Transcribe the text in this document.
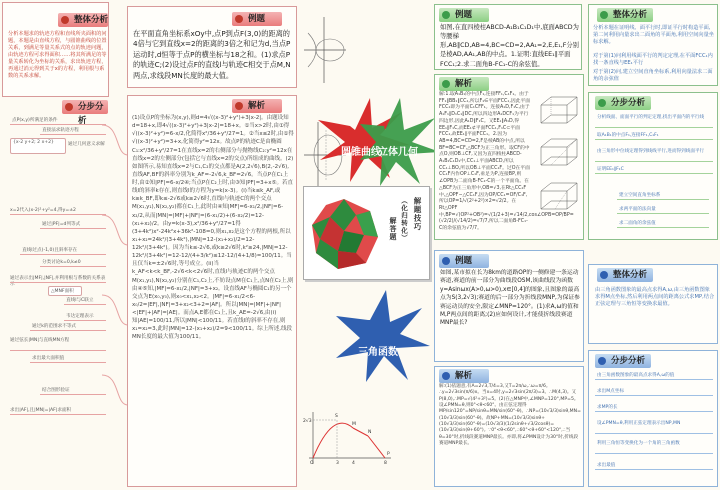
整体分析
分析本题求的轨迹方程和直线所夹面积的问题，本题是由直线方程，与圆锥曲线的位置关系，到满足等量关系式的点的轨迹问题，由轨迹方程可求得面积……将其所满足的等量关系转化为坐标的关系，求出轨迹方程，再通过消元得到关于x的方程，利用根与系数的关系求解。
分步分析
点P(x,y)所满足的条件
直接法求轨迹方程
{x-2 y+2; 2 x+2}	通过几何意义求解
x=2代入(x-2)²+y²=4,得y=±2
通过|PF|=d列等式
直线l过点(-1,0)且斜率存在
分类讨论k=0,k≠0
通过表示出|MF|,|NF|,并利用根与系数的关系表示
△MNF面积
直线l与C联立
韦达定理表示
通过k的范围求不等式
通过弦长|MN|与直线MN方程
求出最大面积值
结合图形验证
求出|AF|,且|MN|=|AF|求面积
例题
在平面直角坐标系xOy中,点P到点F(3,0)的距离的4倍与它到直线x=2的距离的3倍之和记为d,当点P运动时,d恒等于点P的横坐标与18之和。(1)求点P的轨迹C;(2)设过点F的直线l与轨迹C相交于点M,N两点,求线段MN长度的最大值。
解析
(1)设点P的坐标为(x,y),则d=4√((x-3)²+y²)+3|x-2|。由题设知d=18+x,即4√((x-3)²+y²)+3|x-2|=18+x。①当x>2时,由①得√((x-3)²+y²)=6-x/2,化简得x²/36+y²/27=1。②当x≤2时,由①得√((x-3)²+y²)=3+x,化简得y²=12x。故点P的轨迹C是由椭圆C₁:x²/36+y²/27=1在直线x=2的右侧部分与抛物线C₂:y²=12x在直线x=2的左侧部分(包括它与直线x=2的交点)所组成的曲线。(2)如图所示,易知直线x=2与C₁,C₂的交点都是A(2,2√6),B(2,-2√6),直线AF,BF的斜率分别为k_AF=-2√6,k_BF=2√6。当点P在C₁上时,由②知|PF|=6-x/2④;当点P在C₂上时,由③知|PF|=3+x⑤。若直线l的斜率k存在,则直线l的方程为y=k(x-3)。(i)当k≤k_AF,或k≥k_BF,即k≤-2√6或k≥2√6时,直线l与轨迹C的两个交点M(x₁,y₁),N(x₂,y₂)都在C₁上,此时由④知|MF|=6-x₁/2,|NF|=6-x₂/2,从而|MN|=|MF|+|NF|=(6-x₁/2)+(6-x₂/2)=12-(x₁+x₂)/2。由y=k(x-3),x²/36+y²/27=1得(3+4k²)x²-24k²x+36k²-108=0,则x₁,x₂是这个方程的两根,所以x₁+x₂=24k²/(3+4k²),|MN|=12-(x₁+x₂)/2=12-12k²/(3+4k²)。因为当k≤-2√6,或k≥2√6时,k²≥24,|MN|=12-12k²/(3+4k²)=12-12/(4+3/k²)≤12-12/(4+1/8)=100/11。当且仅当k=±2√6时,等号成立。(ii)当k_AF<k<k_BF,-2√6<k<2√6时,直线l与轨迹C的两个交点M(x₁,y₁),N(x₂,y₂)分别在C₁,C₂上,不妨设点M在C₁上,点N在C₂上,则由④⑤知,|MF|=6-x₁/2,|NF|=3+x₂。设直线AF与椭圆C₁的另一个交点为E(x₀,y₀),则x₀<x₁,x₂<2。|MF|=6-x₁/2<6-x₀/2=|EF|,|NF|=3+x₂<3+2=|AF|。所以|MN|=|MF|+|NF|<|EF|+|AF|=|AE|。而点A,E都在C₁上,且k_AE=-2√6,由(i)知|AE|=100/11,所以|MN|<100/11。若直线l的斜率不存在,则x₁=x₂=3,此时|MN|=12-(x₁+x₂)/2=9<100/11。综上所述,线段MN长度的最大值为100/11。
圆锥曲线
立体几何
三角函数
解题技巧
（化归转化）
解答题
2√3
O	3	4	8
S
M
N
P
例题
如图,在直四棱柱ABCD-A₁B₁C₁D₁中,底面ABCD为等腰梯形,AB∥CD,AB=4,BC=CD=2,AA₁=2,E,E₁,F分别是棱AD,AA₁,AB的中点。1.证明:直线EE₁∥平面FCC₁;2.求二面角B-FC₁-C的余弦值。
整体分析
分析本题在证明线、面平行时,即证平行时构造平面,第二问利用向量求出二面角的平面角,利用空间向量坐标求解。
对于第(1)问利用线面平行的判定定理,在平面FCC₁内找一条直线与EE₁平行
对于第(2)问,建立空间直角坐标系,利用向量法求二面角的余弦值
解析
解:1.取A₁B₁的中点F₁,连接FF₁,C₁F₁。由于FF₁∥BB₁∥CC₁,所以F₁∈平面FCC₁,因此平面FCC₁即为平面C₁CFF₁。连接A₁D,F₁C,由于A₁F₁∥D₁C₁∥DC,所以四边形A₁DCF₁为平行四边形,因此A₁D∥F₁C。又EE₁∥A₁D,得EE₁∥F₁C,而EE₁⊄平面FCC₁,F₁C⊂平面FCC₁,故EE₁∥平面FCC₁。2.因为AB=4,BC=CD=2,F是棱AB的中点,所以BF=BC=CF,△BCF为正三角形。取CF的中点O,则OB⊥CF,又因为直四棱柱ABCD-A₁B₁C₁D₁中,CC₁⊥平面ABCD,所以CC₁⊥BO,所以OB⊥平面CC₁F。过O在平面CC₁F内作OP⊥C₁F,垂足为P,连接BP,则∠OPB为二面角B-FC₁-C的一个平面角。在△BCF为正三角形中,OB=√3,在Rt△CC₁F中,△OPF∽△CC₁F,因为OP/CC₁=OF/C₁F,所以OP=1/√(2²+2²)×2=√2/2。在Rt△OPF中,BP=√(OP²+OB²)=√(1/2+3)=√14/2,cos∠OPB=OP/BP=(√2/2)/(√14/2)=√7/7,所以二面角B-FC₁-C的余弦值为√7/7。
分步分析
分析线面、面面平行的判定定理,找出平面内的平行线
取A₁B₁的中点F₁,连接FF₁,C₁F₁
由三角形中位线定理得到线线平行,进而得到线面平行
证明EE₁∥F₁C
建立空间直角坐标系
求两平面的法向量
求二面角的余弦值
例题
如图,某市拟在长为8km的道路OP的一侧修建一条运动赛道,赛道的前一部分为曲线段OSM,该曲线段为函数y=Asinωx(A>0,ω>0),x∈[0,4]的图象,且图象的最高点为S(3,2√3);赛道的后一部分为折线段MNP,为保证参赛运动员的安全,限定∠MNP=120°。(1)求A,ω的值和M,P两点间的距离;(2)应如何设计,才能使折线段赛道MNP最长?
整体分析
由三角函数图象的最高点求得A,ω,由三角函数图象求得M点坐标,然后利用两点间的距离公式求MP,结合正弦定理与三角恒等变换求最值。
解析
解:(1)依题意,有A=2√3,T/4=3,又T=2π/ω,∴ω=π/6。∴y=2√3sin(π/6)x。当x=4时,y=2√3sin(2π/3)=3。∴M(4,3)。又P(8,0),∴MP=√(4²+3²)=5。(2)在△MNP中,∠MNP=120°,MP=5。设∠PMN=θ,则0°<θ<60°。由正弦定理得MP/sin120°=NP/sinθ=MN/sin(60°-θ)。∴NP=(10√3/3)sinθ,MN=(10√3/3)sin(60°-θ)。故NP+MN=(10√3/3)sinθ+(10√3/3)sin(60°-θ)=(10√3/3)(1/2sinθ+√3/2cosθ)=(10√3/3)sin(θ+60°)。∵0°<θ<60°,∴60°<θ+60°<120°,∴当θ=30°时,折线段赛道MNP最长。亦即,将∠PMN设计为30°时,折线段赛道MNP最长。
分步分析
由三角函数图象的最高点求得A,ω的值
求出M点坐标
求MP的长
设∠PMN=θ,利用正弦定理表示出NP,MN
利用三角恒等变换化为一个角的三角函数
求出最值
